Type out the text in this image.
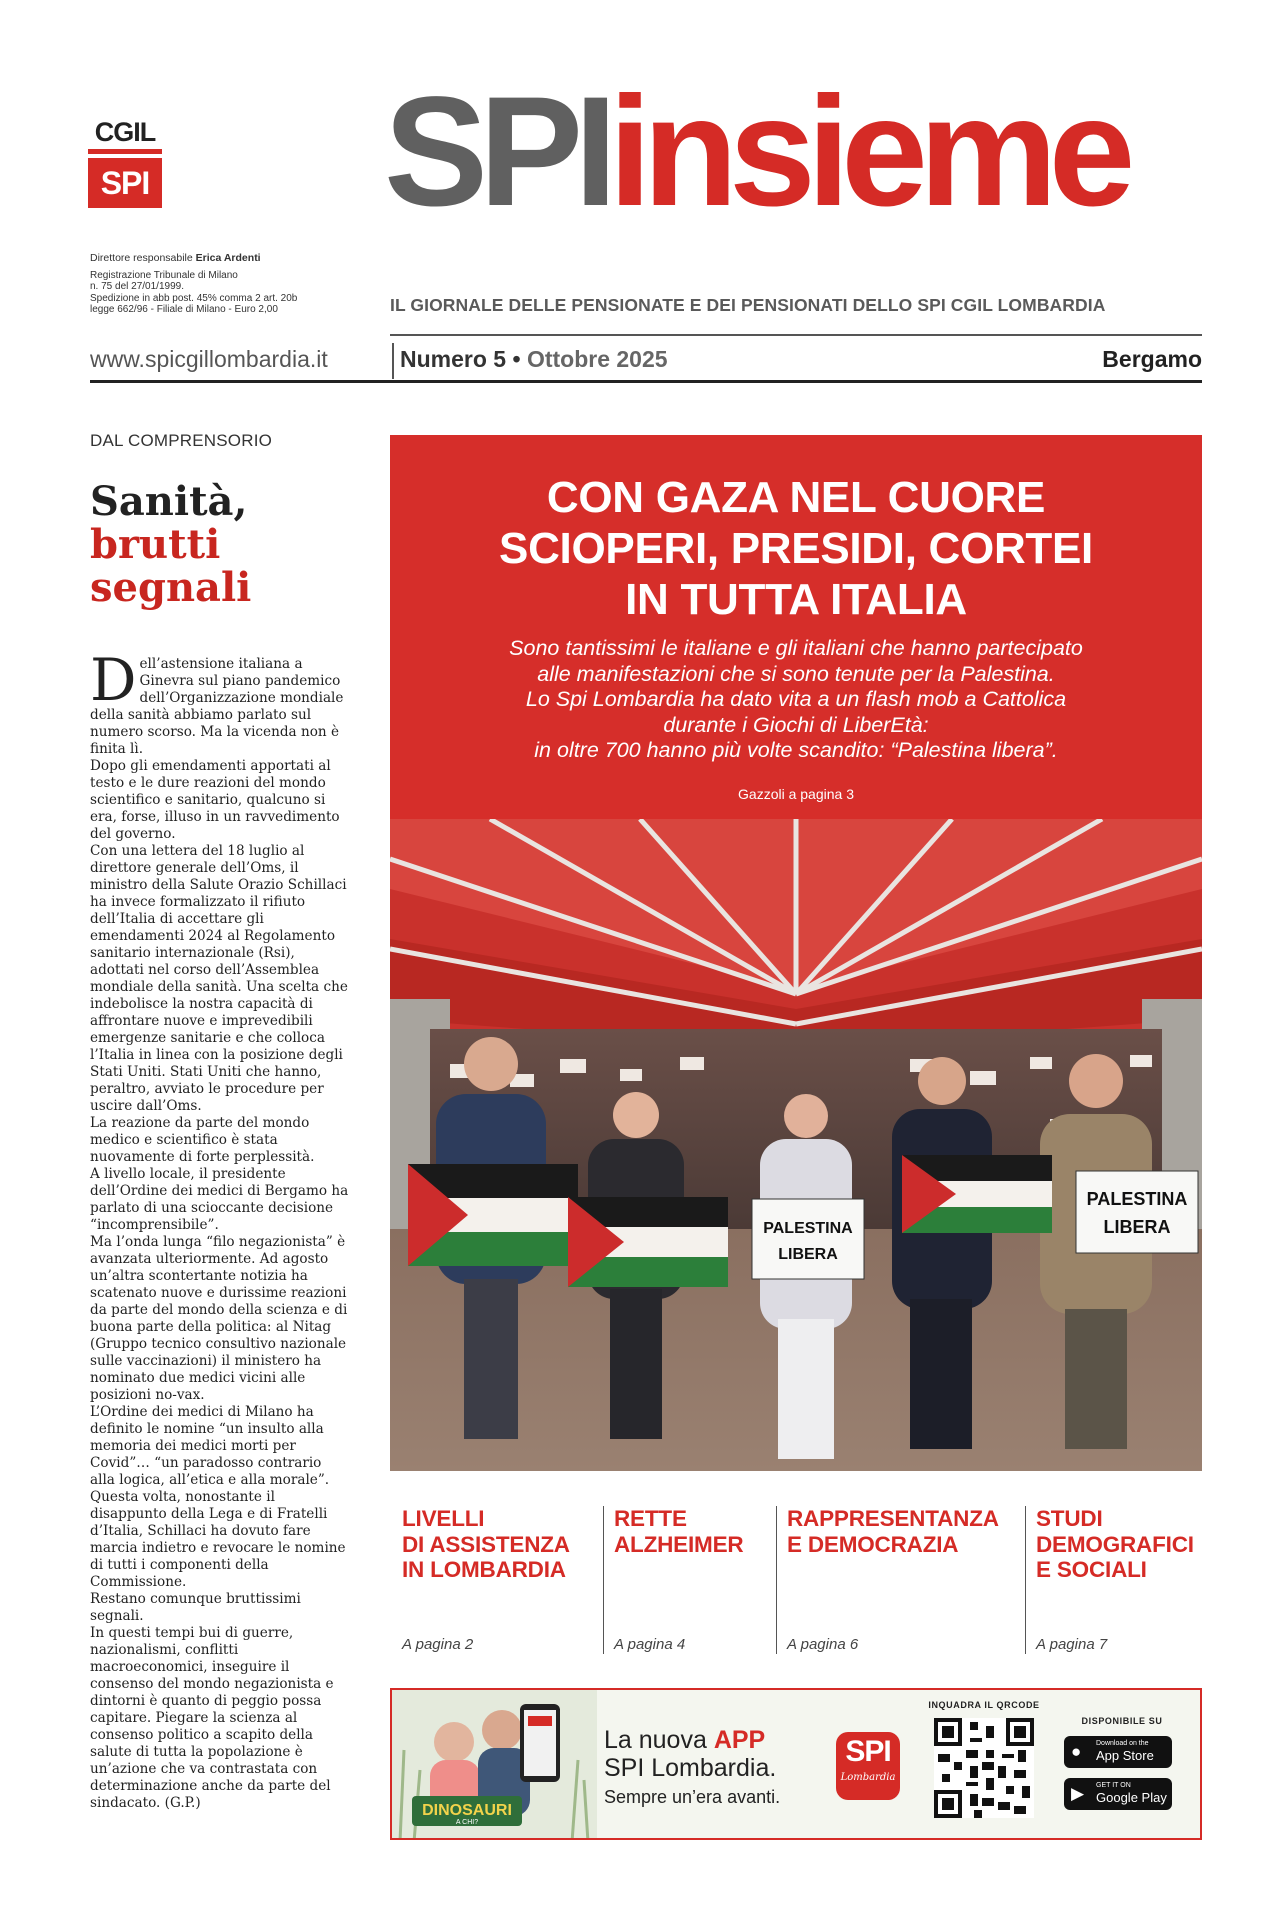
CGIL
SPI SPIinsieme
Direttore responsabile Erica Ardenti
Registrazione Tribunale di Milano
n. 75 del 27/01/1999.
Spedizione in abb post. 45% comma 2 art. 20b
legge 662/96 - Filiale di Milano - Euro 2,00	IL GIORNALE DELLE PENSIONATE E DEI PENSIONATI DELLO SPI CGIL LOMBARDIA
www.spicgillombardia.it	Numero 5 • Ottobre 2025	Bergamo
DAL COMPRENSORIO
Sanità,
brutti segnali
D ell’astensione italiana a Ginevra sul piano pandemico dell’Organizzazione mondiale della sanità abbiamo parlato sul numero scorso. Ma la vicenda non è finita lì.
Dopo gli emendamenti apportati al testo e le dure reazioni del mondo scientifico e sanitario, qualcuno si era, forse, illuso in un ravvedimento del governo.
Con una lettera del 18 luglio al direttore generale dell’Oms, il ministro della Salute Orazio Schillaci ha invece formalizzato il rifiuto dell’Italia di accettare gli emendamenti 2024 al Regolamento sanitario internazionale (Rsi), adottati nel corso dell’Assemblea mondiale della sanità. Una scelta che indebolisce la nostra capacità di affrontare nuove e imprevedibili emergenze sanitarie e che colloca l’Italia in linea con la posizione degli Stati Uniti. Stati Uniti che hanno, peraltro, avviato le procedure per uscire dall’Oms.
La reazione da parte del mondo medico e scientifico è stata nuovamente di forte perplessità.
A livello locale, il presidente dell’Ordine dei medici di Bergamo ha parlato di una scioccante decisione “incomprensibile”.
Ma l’onda lunga “filo negazionista” è avanzata ulteriormente. Ad agosto un’altra scontertante notizia ha scatenato nuove e durissime reazioni da parte del mondo della scienza e di buona parte della politica: al Nitag (Gruppo tecnico consultivo nazionale sulle vaccinazioni) il ministero ha nominato due medici vicini alle posizioni no-vax.
L’Ordine dei medici di Milano ha definito le nomine “un insulto alla memoria dei medici morti per Covid”… “un paradosso contrario alla logica, all’etica e alla morale”.
Questa volta, nonostante il disappunto della Lega e di Fratelli d’Italia, Schillaci ha dovuto fare marcia indietro e revocare le nomine di tutti i componenti della Commissione.
Restano comunque bruttissimi segnali.
In questi tempi bui di guerre, nazionalismi, conflitti macroeconomici, inseguire il consenso del mondo negazionista e dintorni è quanto di peggio possa capitare. Piegare la scienza al consenso politico a scapito della salute di tutta la popolazione è un’azione che va contrastata con determinazione anche da parte del sindacato. (G.P.)
CON GAZA NEL CUORE
SCIOPERI, PRESIDI, CORTEI
IN TUTTA ITALIA
Sono tantissimi le italiane e gli italiani che hanno partecipato
alle manifestazioni che si sono tenute per la Palestina.
Lo Spi Lombardia ha dato vita a un flash mob a Cattolica
durante i Giochi di LiberEtà:
in oltre 700 hanno più volte scandito: “Palestina libera”.
Gazzoli a pagina 3
PALESTINA
LIBERA
PALESTINA
LIBERA
LIVELLI
DI ASSISTENZA
IN LOMBARDIA
A pagina 2
RETTE
ALZHEIMER
A pagina 4
RAPPRESENTANZA
E DEMOCRAZIA
A pagina 6
STUDI
DEMOGRAFICI
E SOCIALI
A pagina 7
DINOSAURI
A CHI?
La nuova APP
SPI Lombardia.
Sempre un’era avanti.
SPI
Lombardia
INQUADRA IL QRCODE
DISPONIBILE SU
● Download on the
App Store
▶ GET IT ON
Google Play
